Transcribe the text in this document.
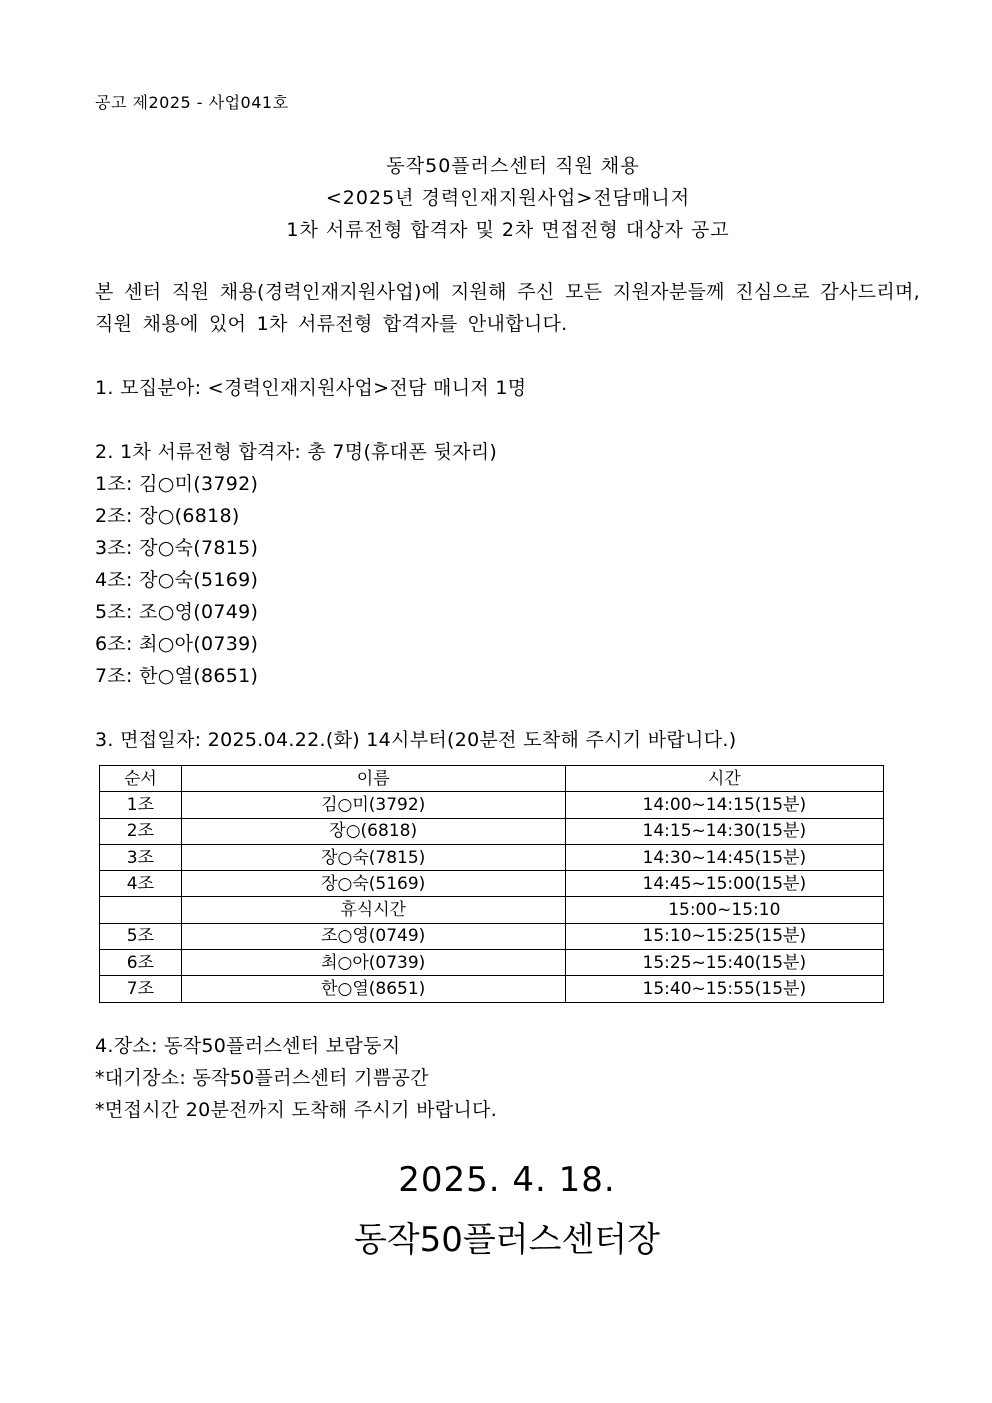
공고 제2025 - 사업041호
동작50플러스센터 직원 채용
<2025년 경력인재지원사업>전담매니저
1차 서류전형 합격자 및 2차 면접전형 대상자 공고
본 센터 직원 채용(경력인재지원사업)에 지원해 주신 모든 지원자분들께 진심으로 감사드리며, 직원 채용에 있어 1차 서류전형 합격자를 안내합니다.
1. 모집분아: <경력인재지원사업>전담 매니저 1명
2. 1차 서류전형 합격자: 총 7명(휴대폰 뒷자리)
1조: 김○미(3792)
2조: 장○(6818)
3조: 장○숙(7815)
4조: 장○숙(5169)
5조: 조○영(0749)
6조: 최○아(0739)
7조: 한○열(8651)
3. 면접일자: 2025.04.22.(화) 14시부터(20분전 도착해 주시기 바랍니다.)
순서	이름	시간
1조	김○미(3792)	14:00~14:15(15분)
2조	장○(6818)	14:15~14:30(15분)
3조	장○숙(7815)	14:30~14:45(15분)
4조	장○숙(5169)	14:45~15:00(15분)
	휴식시간	15:00~15:10
5조	조○영(0749)	15:10~15:25(15분)
6조	최○아(0739)	15:25~15:40(15분)
7조	한○열(8651)	15:40~15:55(15분)
4.장소: 동작50플러스센터 보람둥지
*대기장소: 동작50플러스센터 기쁨공간
*면접시간 20분전까지 도착해 주시기 바랍니다.
2025. 4. 18.
동작50플러스센터장
